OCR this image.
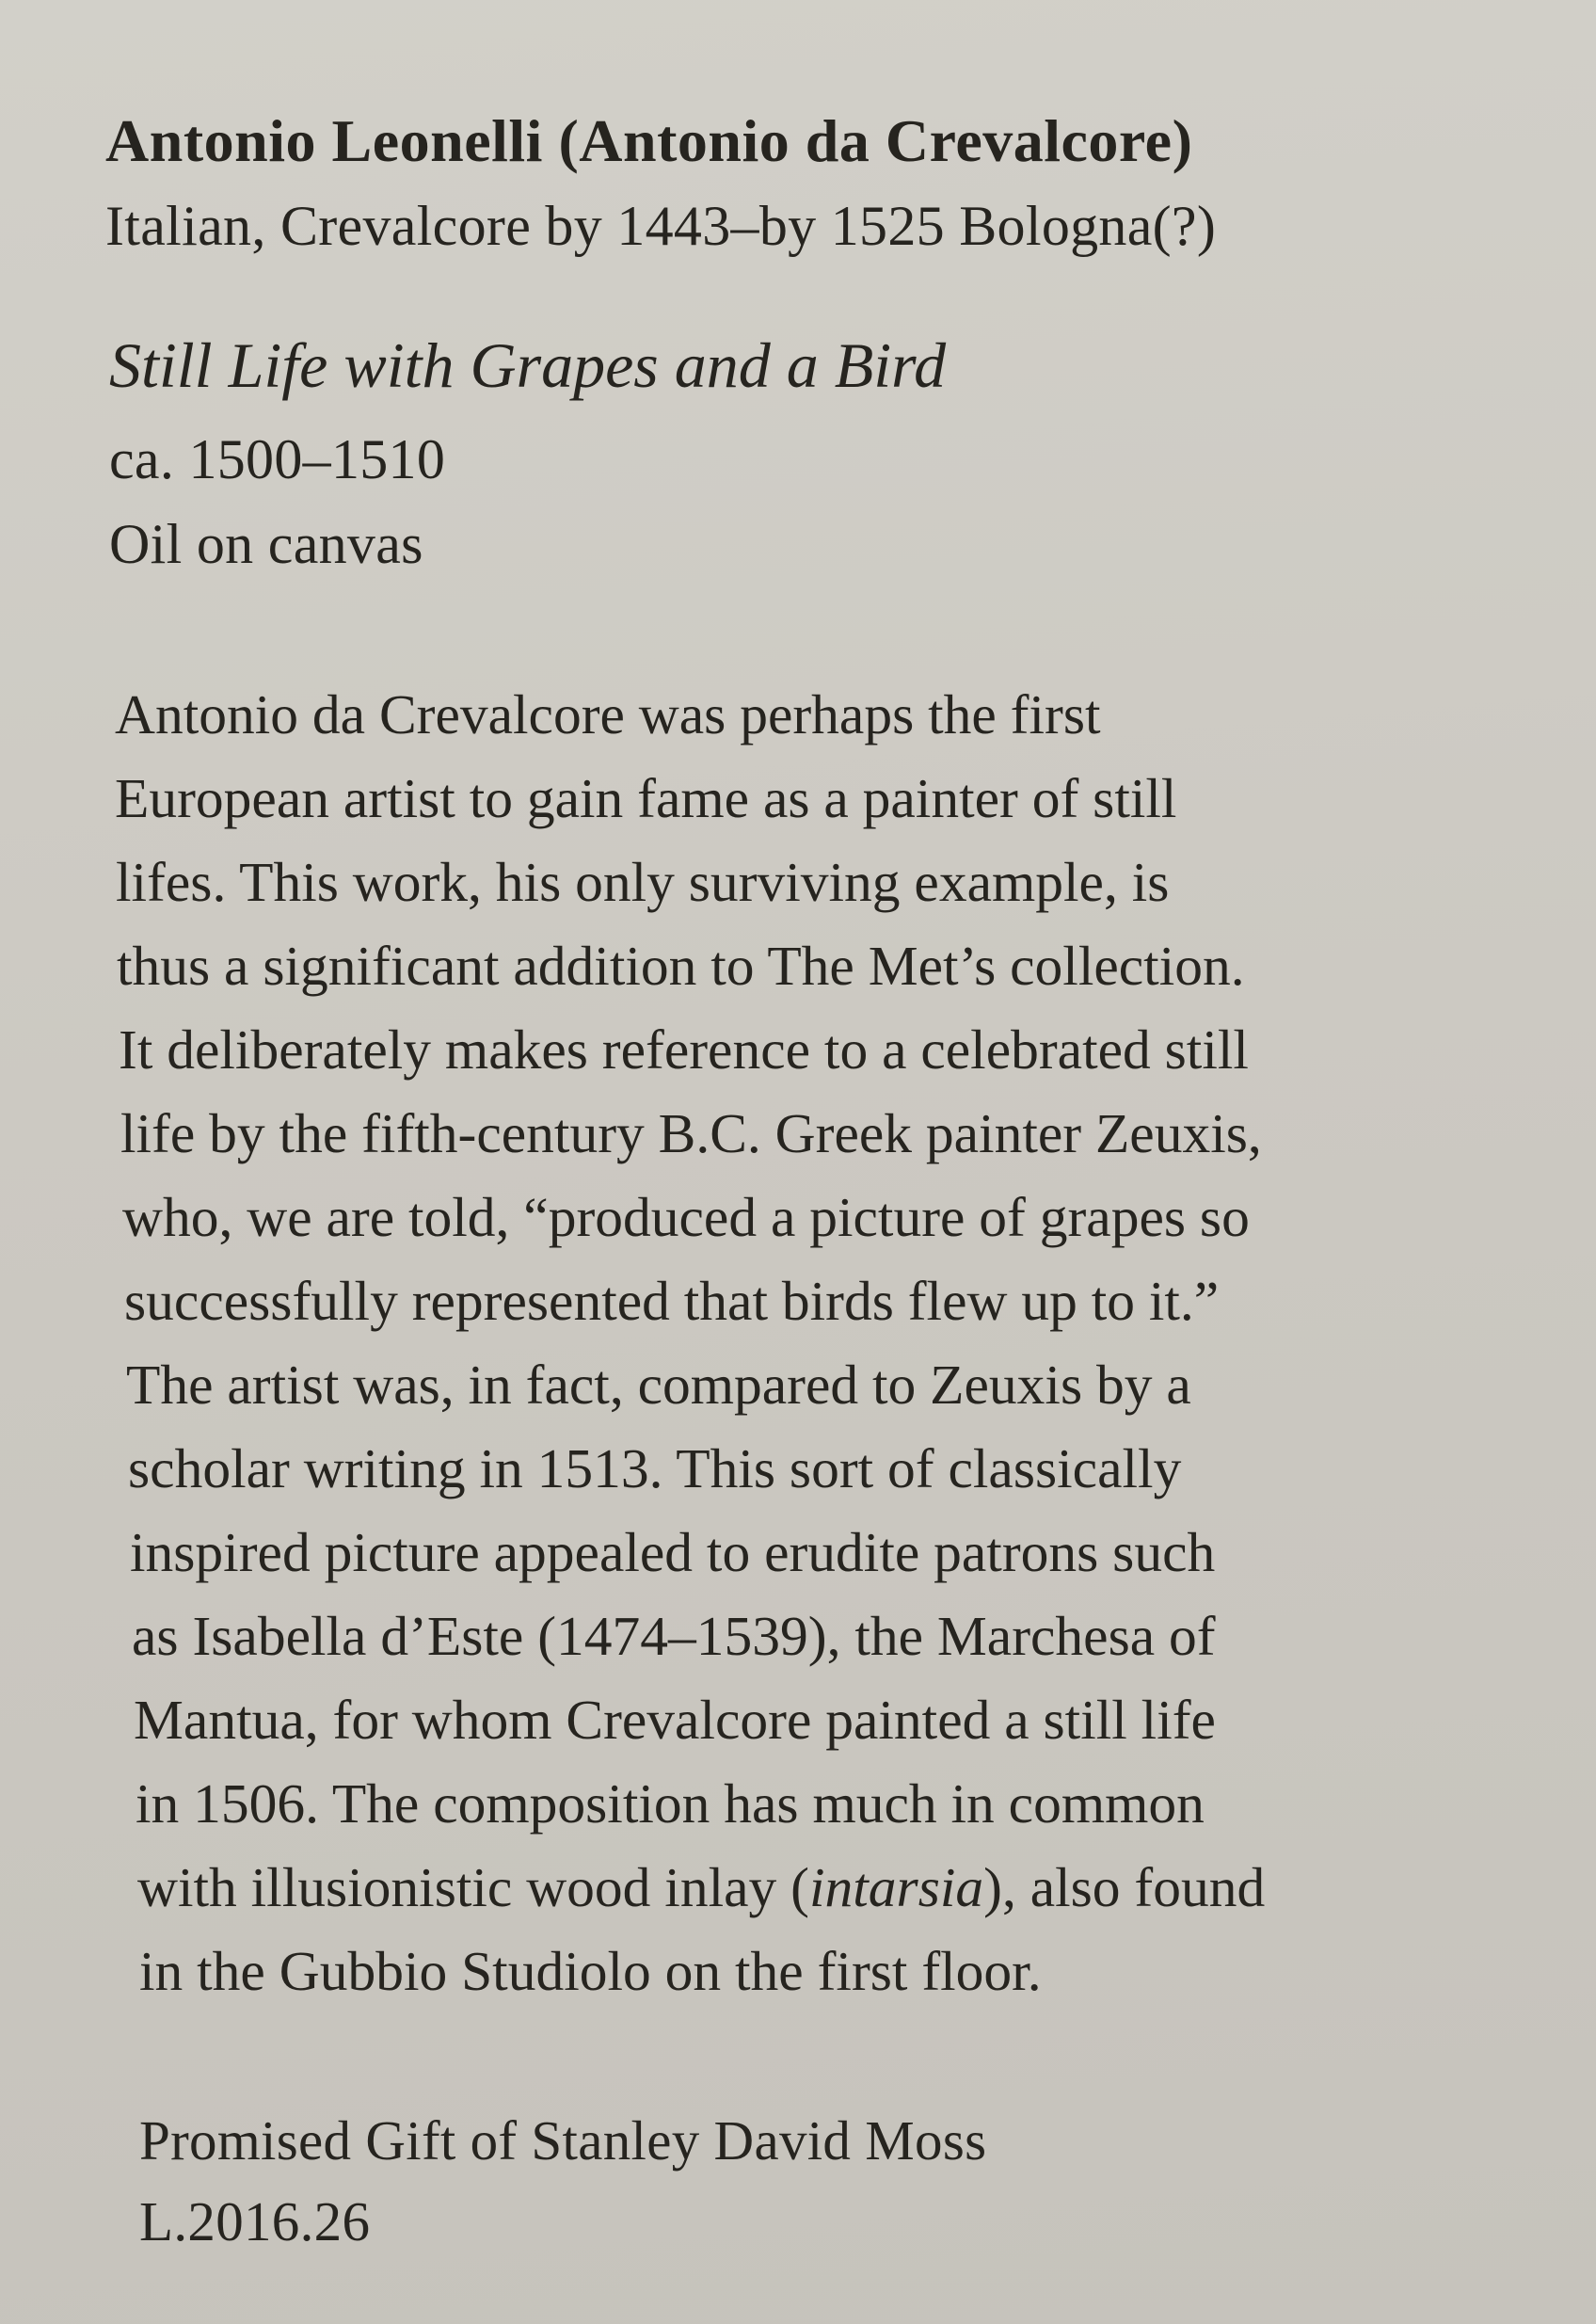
Antonio Leonelli (Antonio da Crevalcore)

Italian, Crevalcore by 1443–by 1525 Bologna(?)

Still Life with Grapes and a Bird

ca. 1500–1510

Oil on canvas

Antonio da Crevalcore was perhaps the first
European artist to gain fame as a painter of still
lifes. This work, his only surviving example, is
thus a significant addition to The Met’s collection.
It deliberately makes reference to a celebrated still
life by the fifth-century B.C. Greek painter Zeuxis,
who, we are told, “produced a picture of grapes so
successfully represented that birds flew up to it.”
The artist was, in fact, compared to Zeuxis by a
scholar writing in 1513. This sort of classically
inspired picture appealed to erudite patrons such
as Isabella d’Este (1474–1539), the Marchesa of
Mantua, for whom Crevalcore painted a still life
in 1506. The composition has much in common
with illusionistic wood inlay (intarsia), also found
in the Gubbio Studiolo on the first floor.
Promised Gift of Stanley David Moss
L.2016.26
